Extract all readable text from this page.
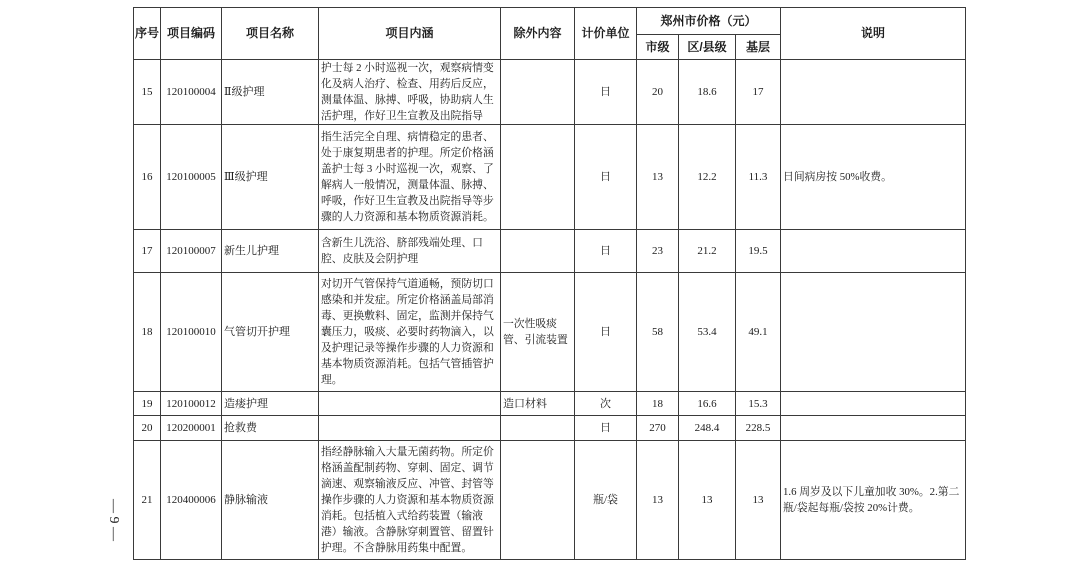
— 9 —
序号	项目编码	项目名称	项目内涵	除外内容	计价单位	郑州市价格（元）			说明
						市级	区/县级	基层	
15	120100004	Ⅱ级护理	护士每 2 小时巡视一次，观察病情变化及病人治疗、检查、用药后反应，测量体温、脉搏、呼吸，协助病人生活护理，作好卫生宣教及出院指导		日	20	18.6	17	
16	120100005	Ⅲ级护理	指生活完全自理、病情稳定的患者、处于康复期患者的护理。所定价格涵盖护士每 3 小时巡视一次，观察、了解病人一般情况，测量体温、脉搏、呼吸，作好卫生宣教及出院指导等步骤的人力资源和基本物质资源消耗。		日	13	12.2	11.3	日间病房按 50%收费。
17	120100007	新生儿护理	含新生儿洗浴、脐部残端处理、口腔、皮肤及会阴护理		日	23	21.2	19.5	
18	120100010	气管切开护理	对切开气管保持气道通畅，预防切口感染和并发症。所定价格涵盖局部消毒、更换敷料、固定，监测并保持气囊压力，吸痰、必要时药物滴入，以及护理记录等操作步骤的人力资源和基本物质资源消耗。包括气管插管护理。	一次性吸痰管、引流装置	日	58	53.4	49.1	
19	120100012	造瘘护理		造口材料	次	18	16.6	15.3	
20	120200001	抢救费			日	270	248.4	228.5	
21	120400006	静脉输液	指经静脉输入大量无菌药物。所定价格涵盖配制药物、穿刺、固定、调节滴速、观察输液反应、冲管、封管等操作步骤的人力资源和基本物质资源消耗。包括植入式给药装置（输液港）输液。含静脉穿刺置管、留置针护理。不含静脉用药集中配置。		瓶/袋	13	13	13	1.6 周岁及以下儿童加收 30%。2.第二瓶/袋起每瓶/袋按 20%计费。
